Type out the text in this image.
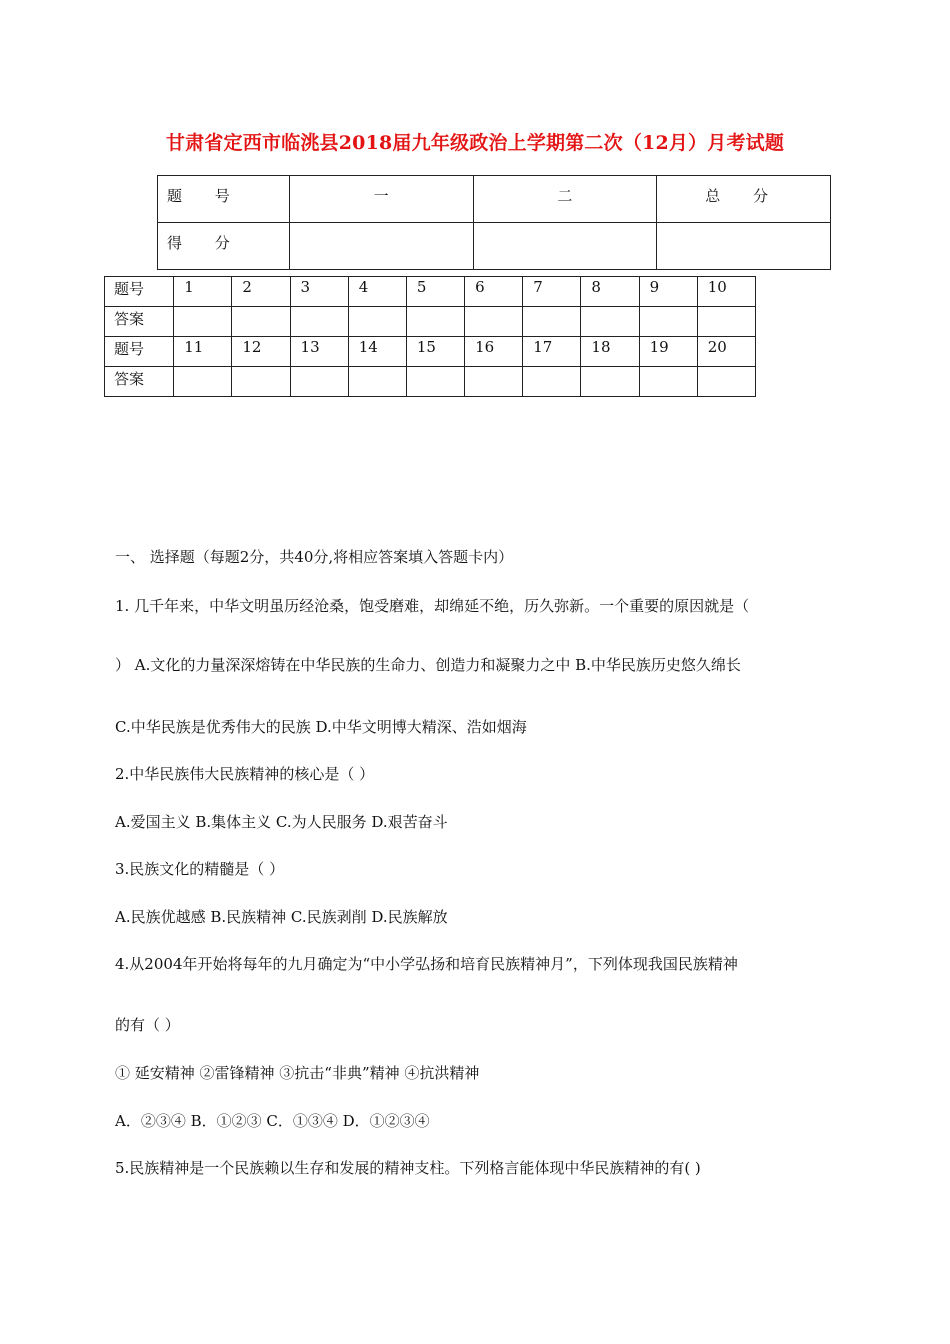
甘肃省定西市临洮县2018届九年级政治上学期第二次（12月）月考试题
题 号	一	二	总 分
得 分			
题号	1	2	3	4	5	6	7	8	9	10
答案										
题号	11	12	13	14	15	16	17	18	19	20
答案										
一、 选择题（每题2分，共40分,将相应答案填入答题卡内）
1. 几千年来，中华文明虽历经沧桑，饱受磨难，却绵延不绝，历久弥新。一个重要的原因就是（
） A.文化的力量深深熔铸在中华民族的生命力、创造力和凝聚力之中 B.中华民族历史悠久绵长
C.中华民族是优秀伟大的民族 D.中华文明博大精深、浩如烟海
2.中华民族伟大民族精神的核心是（ ）
A.爱国主义 B.集体主义 C.为人民服务 D.艰苦奋斗
3.民族文化的精髓是（ ）
A.民族优越感 B.民族精神 C.民族剥削 D.民族解放
4.从2004年开始将每年的九月确定为“中小学弘扬和培育民族精神月”，下列体现我国民族精神
的有（ ）
① 延安精神 ②雷锋精神 ③抗击“非典”精神 ④抗洪精神
A．②③④ B．①②③ C．①③④ D．①②③④
5.民族精神是一个民族赖以生存和发展的精神支柱。下列格言能体现中华民族精神的有( )
